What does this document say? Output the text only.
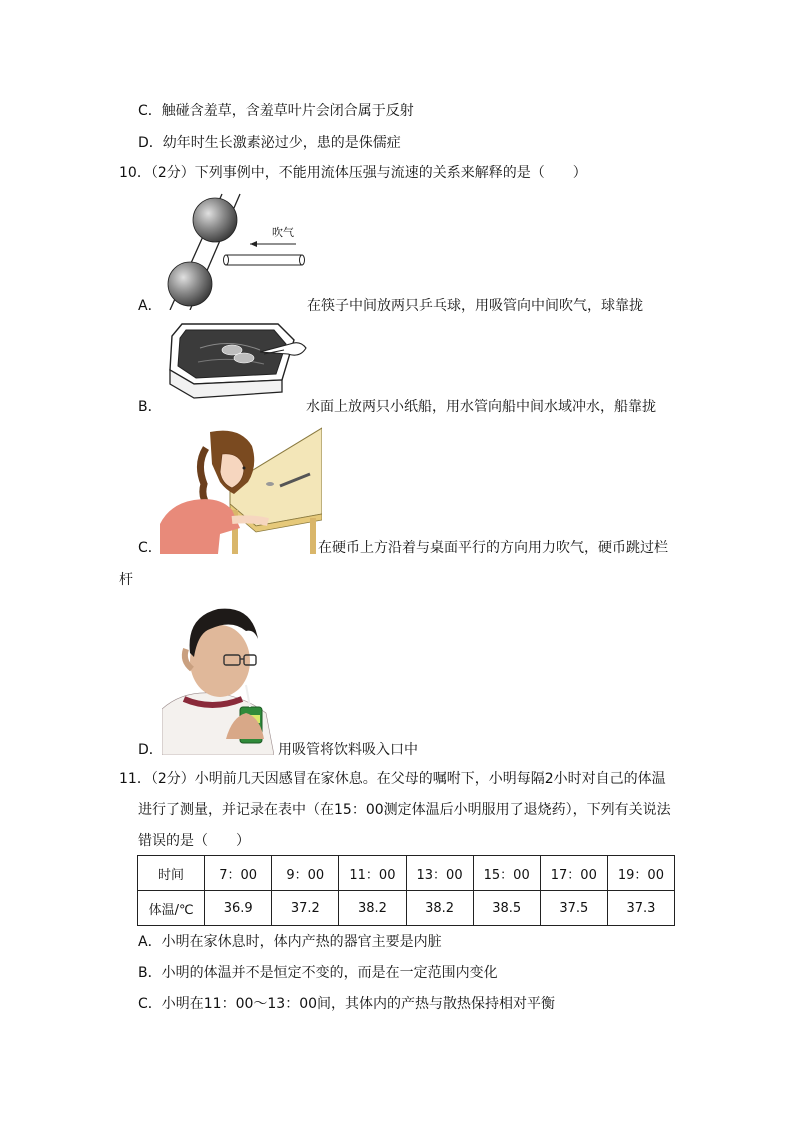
C．触碰含羞草，含羞草叶片会闭合属于反射
D．幼年时生长激素泌过少，患的是侏儒症
10．（2分）下列事例中，不能用流体压强与流速的关系来解释的是（　　）
吹气
A．	在筷子中间放两只乒乓球，用吸管向中间吹气，球靠拢
B．	水面上放两只小纸船，用水管向船中间水域冲水，船靠拢
C．	在硬币上方沿着与桌面平行的方向用力吹气，硬币跳过栏
杆
D．	用吸管将饮料吸入口中
11．（2分）小明前几天因感冒在家休息。在父母的嘱咐下，小明每隔2小时对自己的体温
进行了测量，并记录在表中（在15：00测定体温后小明服用了退烧药），下列有关说法
错误的是（　　）
时间	7：00	9：00	11：00	13：00	15：00	17：00	19：00
体温/℃	36.9	37.2	38.2	38.2	38.5	37.5	37.3
A．小明在家休息时，体内产热的器官主要是内脏
B．小明的体温并不是恒定不变的，而是在一定范围内变化
C．小明在11：00～13：00间，其体内的产热与散热保持相对平衡
